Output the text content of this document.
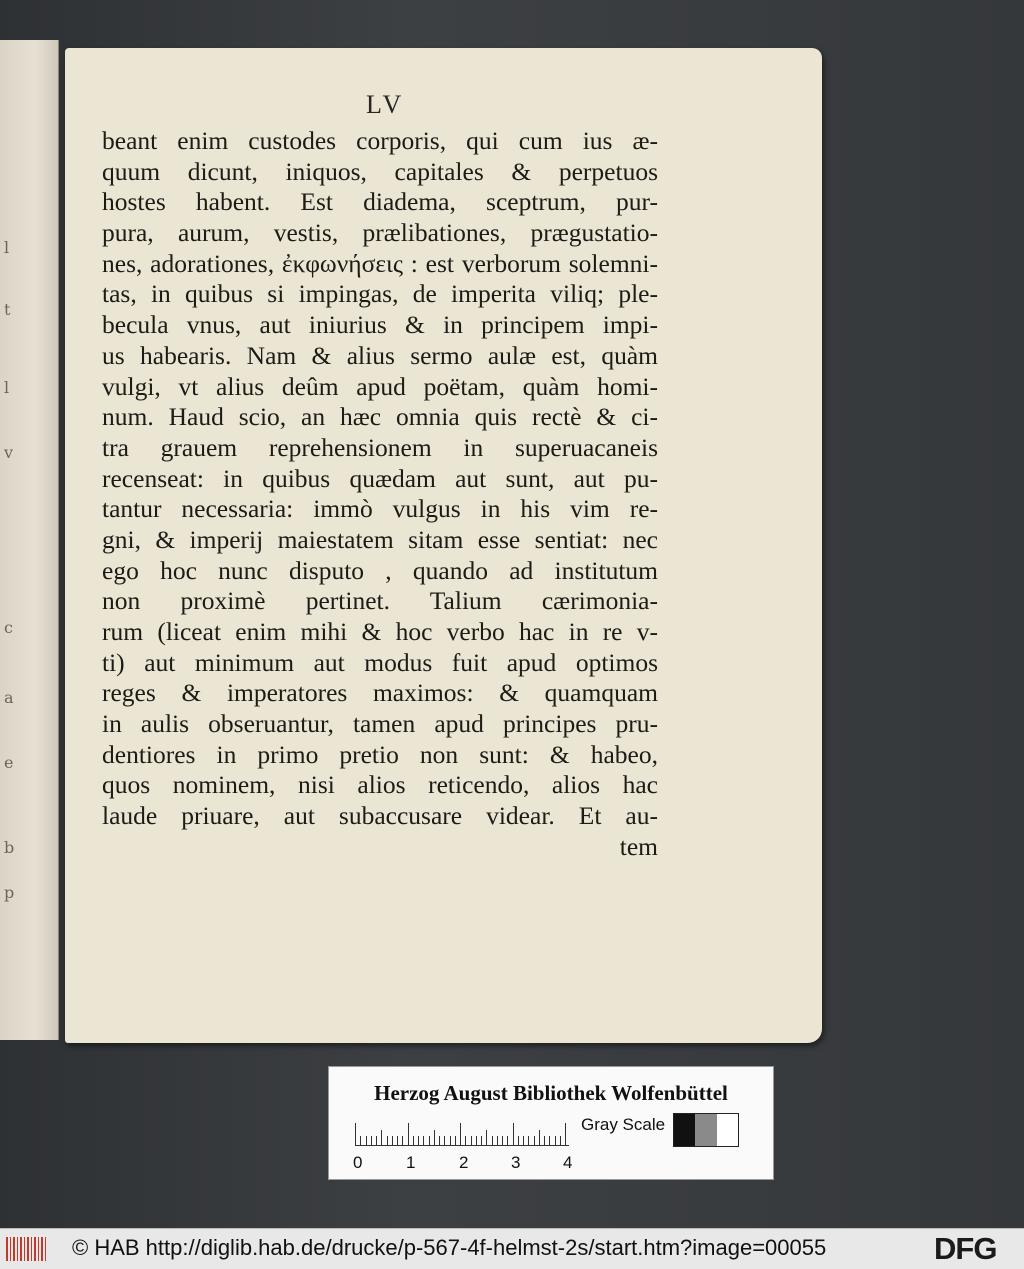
l
t
l
v
c
a
e
b
p
LV
beant enim custodes corporis, qui cum ius æ-
quum dicunt, iniquos, capitales & perpetuos
hostes habent. Est diadema, sceptrum, pur-
pura, aurum, vestis, prælibationes, prægustatio-
nes, adorationes, ἐκφωνήσεις : est verborum solemni-
tas, in quibus si impingas, de imperita viliq; ple-
becula vnus, aut iniurius & in principem impi-
us habearis. Nam & alius sermo aulæ est, quàm
vulgi, vt alius deûm apud poëtam, quàm homi-
num. Haud scio, an hæc omnia quis rectè & ci-
tra grauem reprehensionem in superuacaneis
recenseat: in quibus quædam aut sunt, aut pu-
tantur necessaria: immò vulgus in his vim re-
gni, & imperij maiestatem sitam esse sentiat: nec
ego hoc nunc disputo , quando ad institutum
non proximè pertinet. Talium cærimonia-
rum (liceat enim mihi & hoc verbo hac in re v-
ti) aut minimum aut modus fuit apud optimos
reges & imperatores maximos: & quamquam
in aulis obseruantur, tamen apud principes pru-
dentiores in primo pretio non sunt: & habeo,
quos nominem, nisi alios reticendo, alios hac
laude priuare, aut subaccusare videar. Et au-
tem
Herzog August Bibliothek Wolfenbüttel
0	1	2	3	4
Gray Scale
© HAB http://diglib.hab.de/drucke/p-567-4f-helmst-2s/start.htm?image=00055	DFG
